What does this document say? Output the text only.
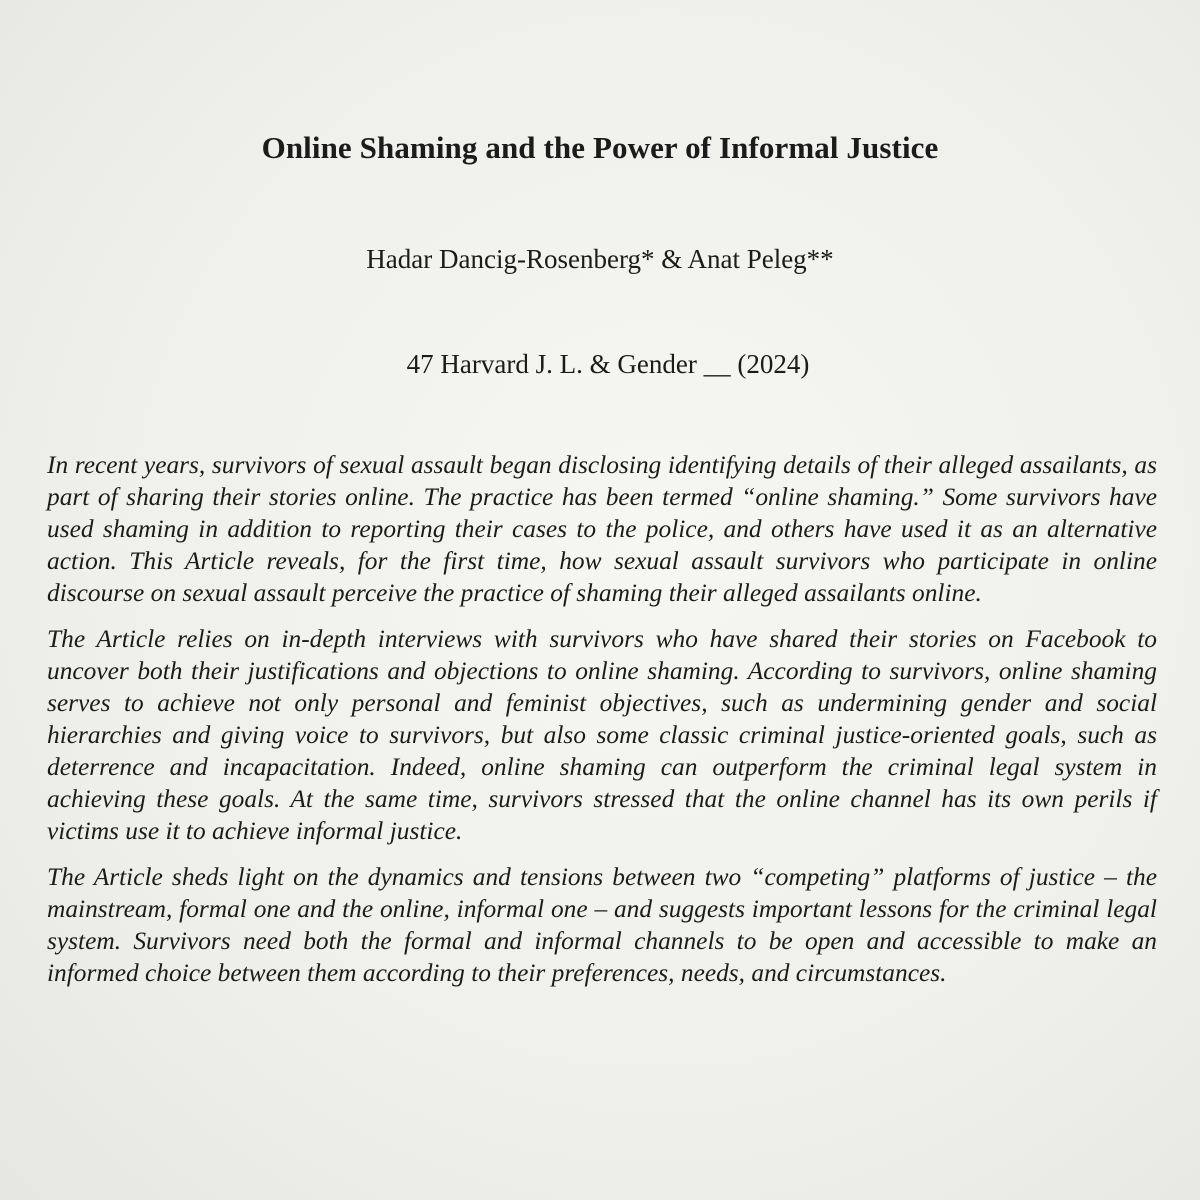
Online Shaming and the Power of Informal Justice
Hadar Dancig-Rosenberg* & Anat Peleg**
47 Harvard J. L. & Gender __ (2024)

In recent years, survivors of sexual assault began disclosing identifying details of their alleged assailants, as part of sharing their stories online. The practice has been termed “online shaming.” Some survivors have used shaming in addition to reporting their cases to the police, and others have used it as an alternative action. This Article reveals, for the first time, how sexual assault survivors who participate in online discourse on sexual assault perceive the practice of shaming their alleged assailants online.

The Article relies on in-depth interviews with survivors who have shared their stories on Facebook to uncover both their justifications and objections to online shaming. According to survivors, online shaming serves to achieve not only personal and feminist objectives, such as undermining gender and social hierarchies and giving voice to survivors, but also some classic criminal justice-oriented goals, such as deterrence and incapacitation. Indeed, online shaming can outperform the criminal legal system in achieving these goals. At the same time, survivors stressed that the online channel has its own perils if victims use it to achieve informal justice.

The Article sheds light on the dynamics and tensions between two “competing” platforms of justice – the mainstream, formal one and the online, informal one – and suggests important lessons for the criminal legal system. Survivors need both the formal and informal channels to be open and accessible to make an informed choice between them according to their preferences, needs, and circumstances.
